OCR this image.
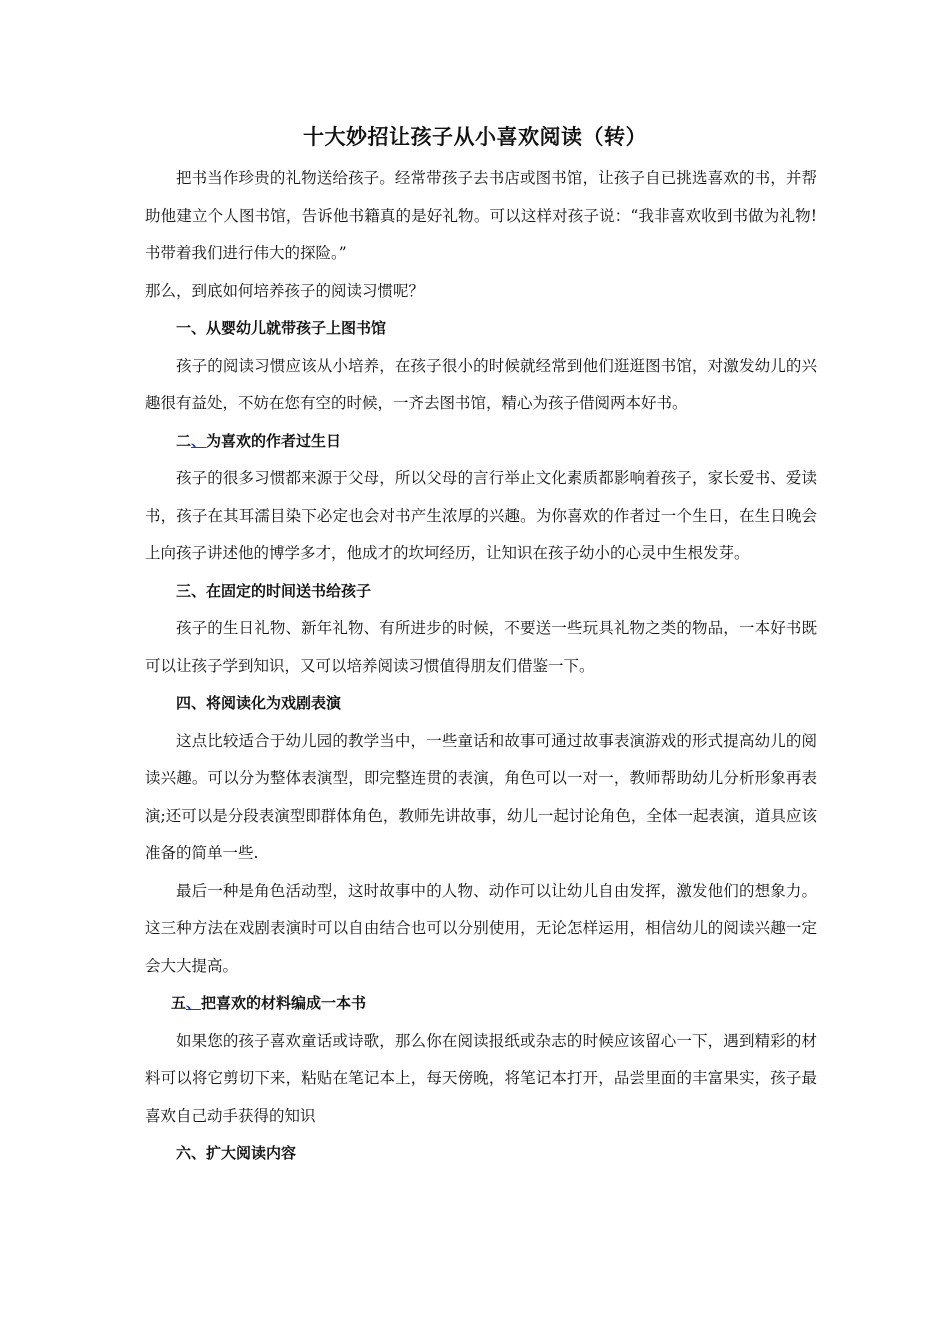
十大妙招让孩子从小喜欢阅读（转）

把书当作珍贵的礼物送给孩子。经常带孩子去书店或图书馆，让孩子自已挑选喜欢的书，并帮助他建立个人图书馆，告诉他书籍真的是好礼物。可以这样对孩子说：“我非喜欢收到书做为礼物!书带着我们进行伟大的探险。”

那么，到底如何培养孩子的阅读习惯呢？

一、从婴幼儿就带孩子上图书馆

孩子的阅读习惯应该从小培养，在孩子很小的时候就经常到他们逛逛图书馆，对激发幼儿的兴趣很有益处，不妨在您有空的时候，一齐去图书馆，精心为孩子借阅两本好书。

二、为喜欢的作者过生日

孩子的很多习惯都来源于父母，所以父母的言行举止文化素质都影响着孩子，家长爱书、爱读书，孩子在其耳濡目染下必定也会对书产生浓厚的兴趣。为你喜欢的作者过一个生日，在生日晚会上向孩子讲述他的博学多才，他成才的坎坷经历，让知识在孩子幼小的心灵中生根发芽。

三、在固定的时间送书给孩子

孩子的生日礼物、新年礼物、有所进步的时候，不要送一些玩具礼物之类的物品，一本好书既可以让孩子学到知识，又可以培养阅读习惯值得朋友们借鉴一下。

四、将阅读化为戏剧表演

这点比较适合于幼儿园的教学当中，一些童话和故事可通过故事表演游戏的形式提高幼儿的阅读兴趣。可以分为整体表演型，即完整连贯的表演，角色可以一对一，教师帮助幼儿分析形象再表演;还可以是分段表演型即群体角色，教师先讲故事，幼儿一起讨论角色，全体一起表演，道具应该准备的简单一些.

最后一种是角色活动型，这时故事中的人物、动作可以让幼儿自由发挥，激发他们的想象力。这三种方法在戏剧表演时可以自由结合也可以分别使用，无论怎样运用，相信幼儿的阅读兴趣一定会大大提高。

五、把喜欢的材料编成一本书

如果您的孩子喜欢童话或诗歌，那么你在阅读报纸或杂志的时候应该留心一下，遇到精彩的材料可以将它剪切下来，粘贴在笔记本上，每天傍晚，将笔记本打开，品尝里面的丰富果实，孩子最喜欢自己动手获得的知识

六、扩大阅读内容
